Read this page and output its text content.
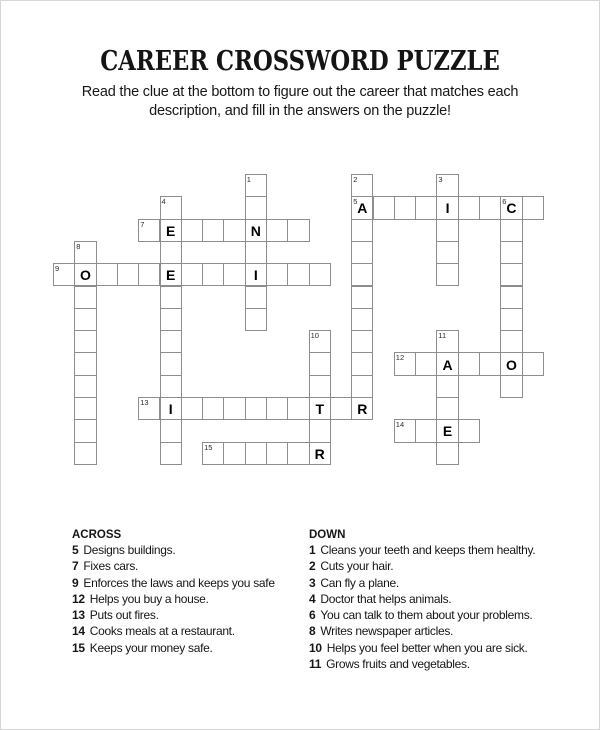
CAREER CROSSWORD PUZZLE
Read the clue at the bottom to figure out the career that matches each
description, and fill in the answers on the puzzle!
1
N
I
2
5 A
R
3
I
4
E
E
I
C
6
O
7
8
O
9
10
T
R
11
A
E
12
13
14
15
ACROSS
5 Designs buildings.
7 Fixes cars.
9 Enforces the laws and keeps you safe
12 Helps you buy a house.
13 Puts out fires.
14 Cooks meals at a restaurant.
15 Keeps your money safe.
DOWN
1 Cleans your teeth and keeps them healthy.
2 Cuts your hair.
3 Can fly a plane.
4 Doctor that helps animals.
6 You can talk to them about your problems.
8 Writes newspaper articles.
10 Helps you feel better when you are sick.
11 Grows fruits and vegetables.
